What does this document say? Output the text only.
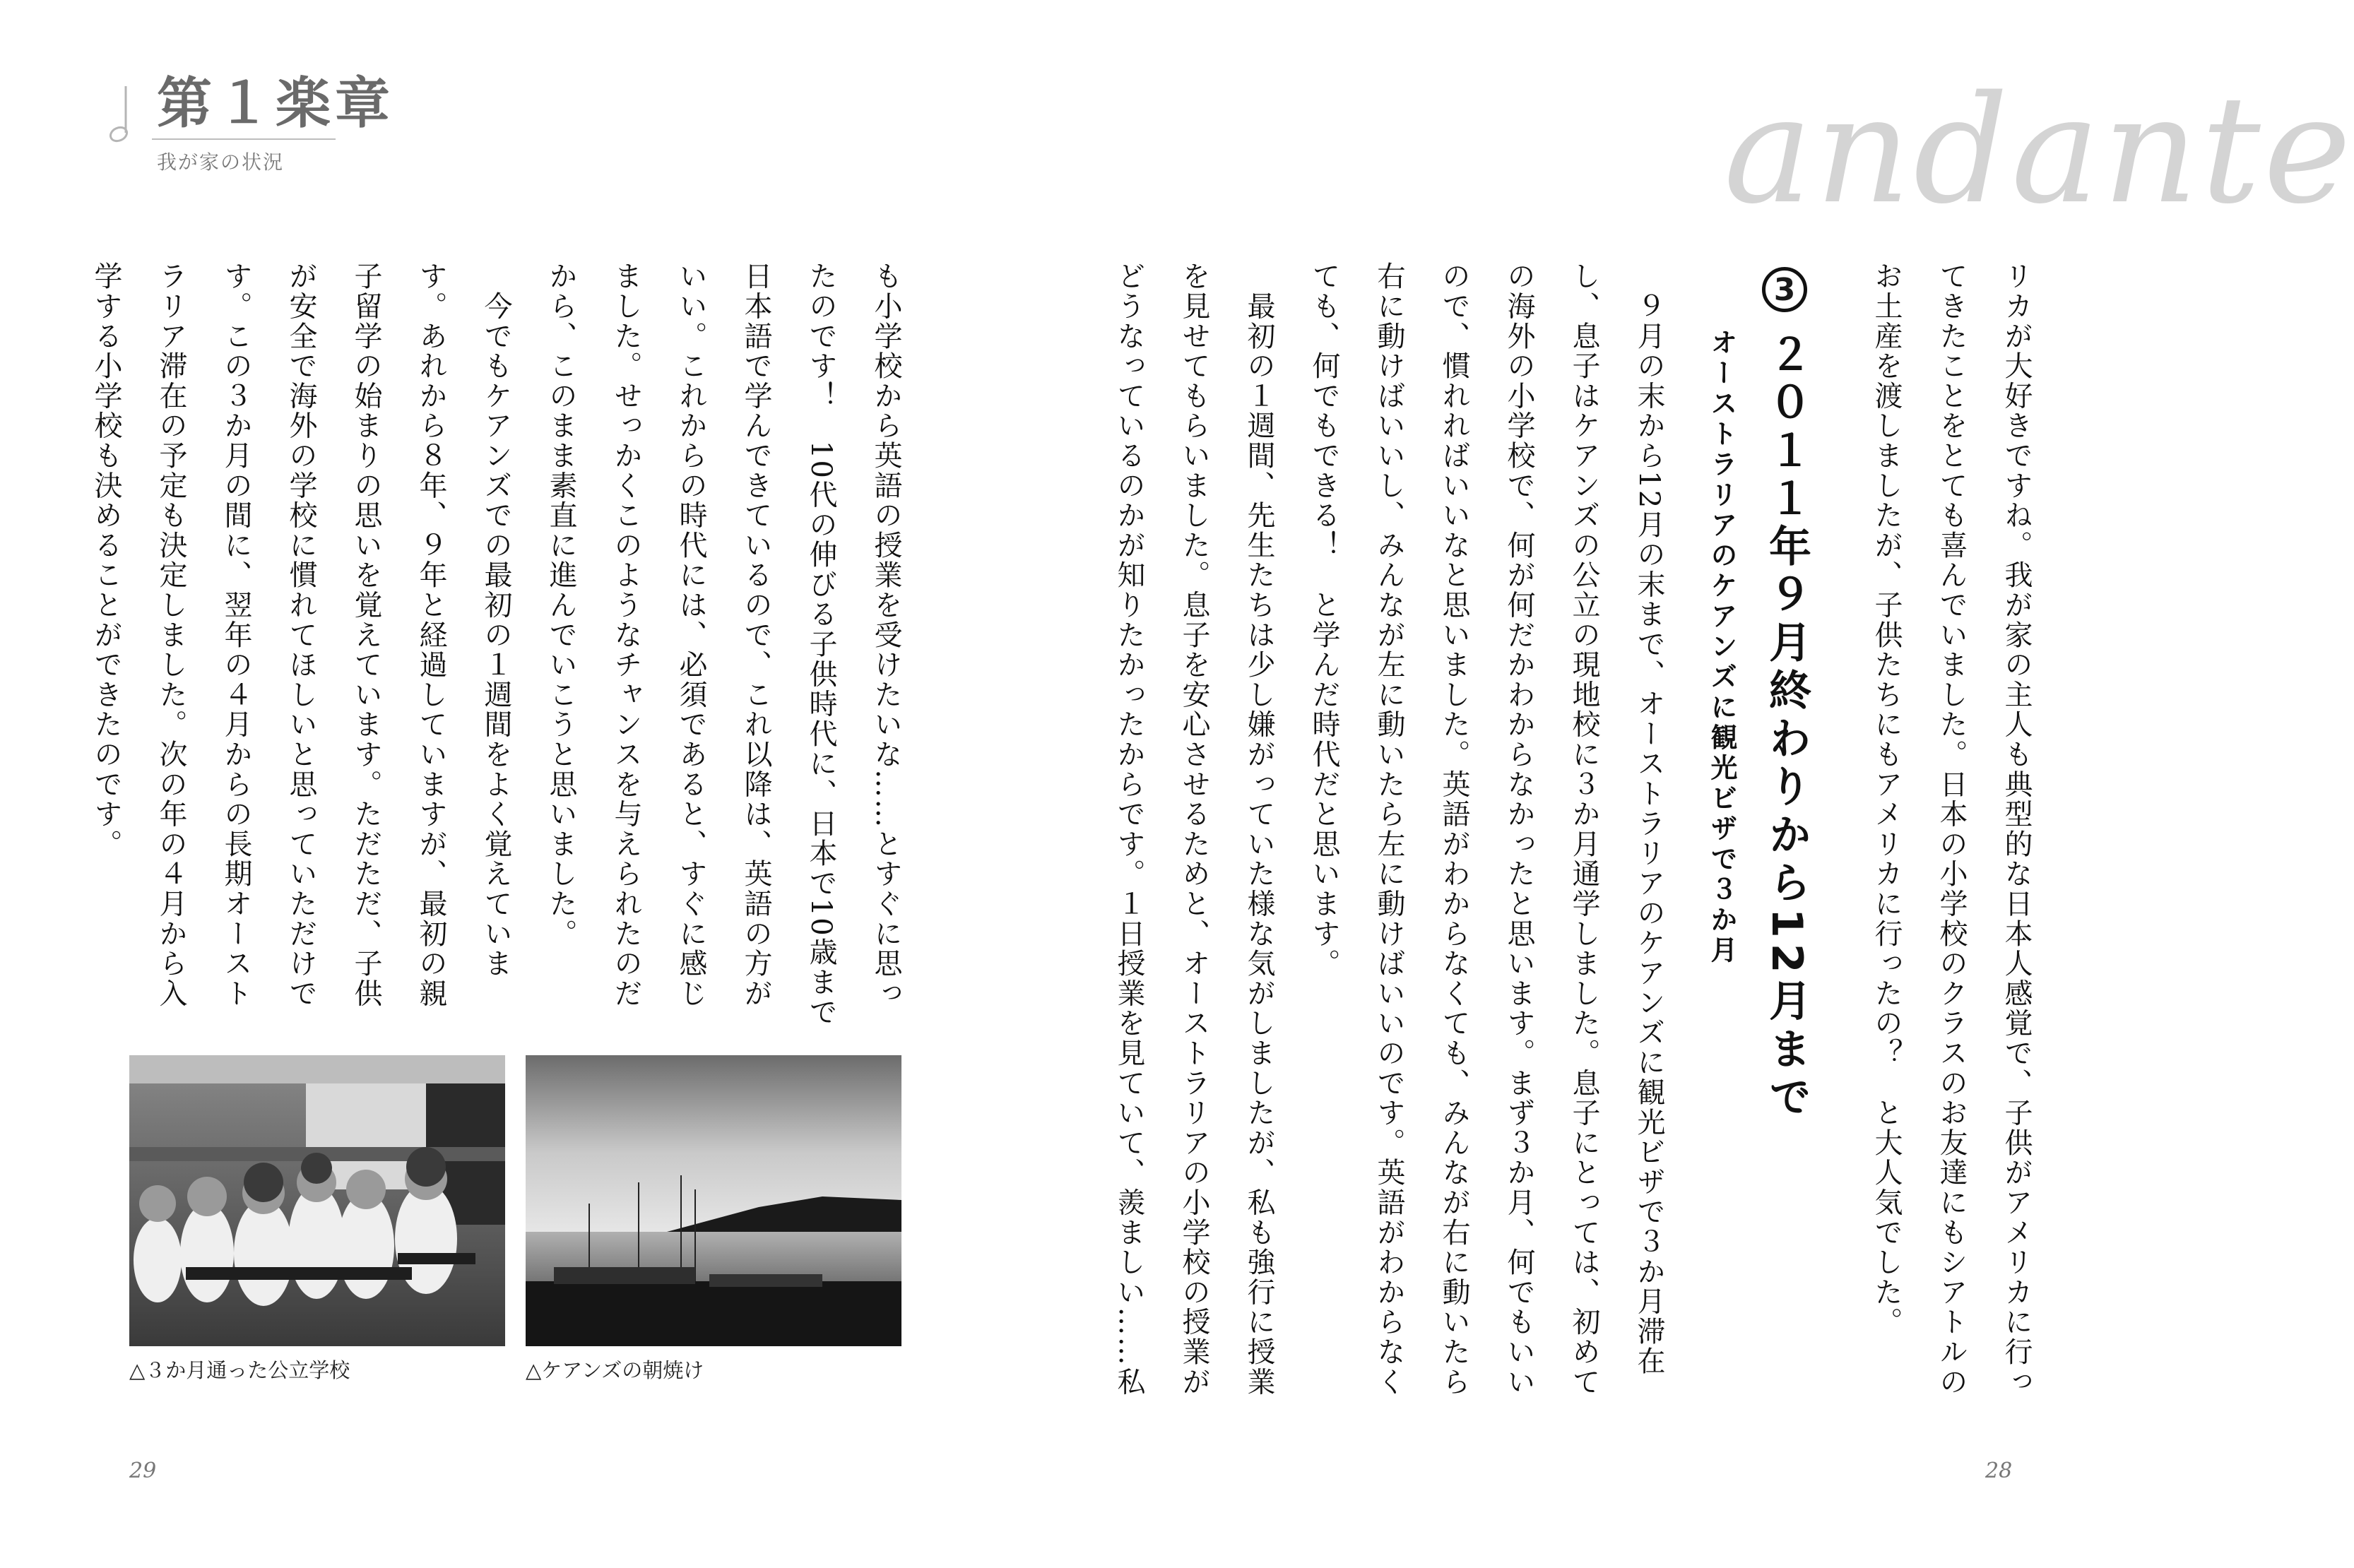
第１楽章
我が家の状況	andante
リカが大好きですね。我が家の主人も典型的な日本人感覚で、子供がアメリカに行っ
てきたことをとても喜んでいました。日本の小学校のクラスのお友達にもシアトルの
お土産を渡しましたが、子供たちにもアメリカに行ったの？　と大人気でした。
3
２０１１年９月終わりから12月まで
オーストラリアのケアンズに観光ビザで３か月
　９月の末から12月の末まで、オーストラリアのケアンズに観光ビザで３か月滞在
し、息子はケアンズの公立の現地校に３か月通学しました。息子にとっては、初めて
の海外の小学校で、何が何だかわからなかったと思います。まず３か月、何でもいい
ので、慣れればいいなと思いました。英語がわからなくても、みんなが右に動いたら
右に動けばいいし、みんなが左に動いたら左に動けばいいのです。英語がわからなく
ても、何でもできる！　と学んだ時代だと思います。
　最初の１週間、先生たちは少し嫌がっていた様な気がしましたが、私も強行に授業
を見せてもらいました。息子を安心させるためと、オーストラリアの小学校の授業が
どうなっているのかが知りたかったからです。１日授業を見ていて、羨ましい……私
も小学校から英語の授業を受けたいな……とすぐに思っ
たのです！　10代の伸びる子供時代に、日本で10歳まで
日本語で学んできているので、これ以降は、英語の方が
いい。これからの時代には、必須であると、すぐに感じ
ました。せっかくこのようなチャンスを与えられたのだ
から、このまま素直に進んでいこうと思いました。
　今でもケアンズでの最初の１週間をよく覚えていま
す。あれから８年、９年と経過していますが、最初の親
子留学の始まりの思いを覚えています。ただただ、子供
が安全で海外の学校に慣れてほしいと思っていただけで
す。この３か月の間に、翌年の４月からの長期オースト
ラリア滞在の予定も決定しました。次の年の４月から入
学する小学校も決めることができたのです。
△３か月通った公立学校	△ケアンズの朝焼け
29	28
